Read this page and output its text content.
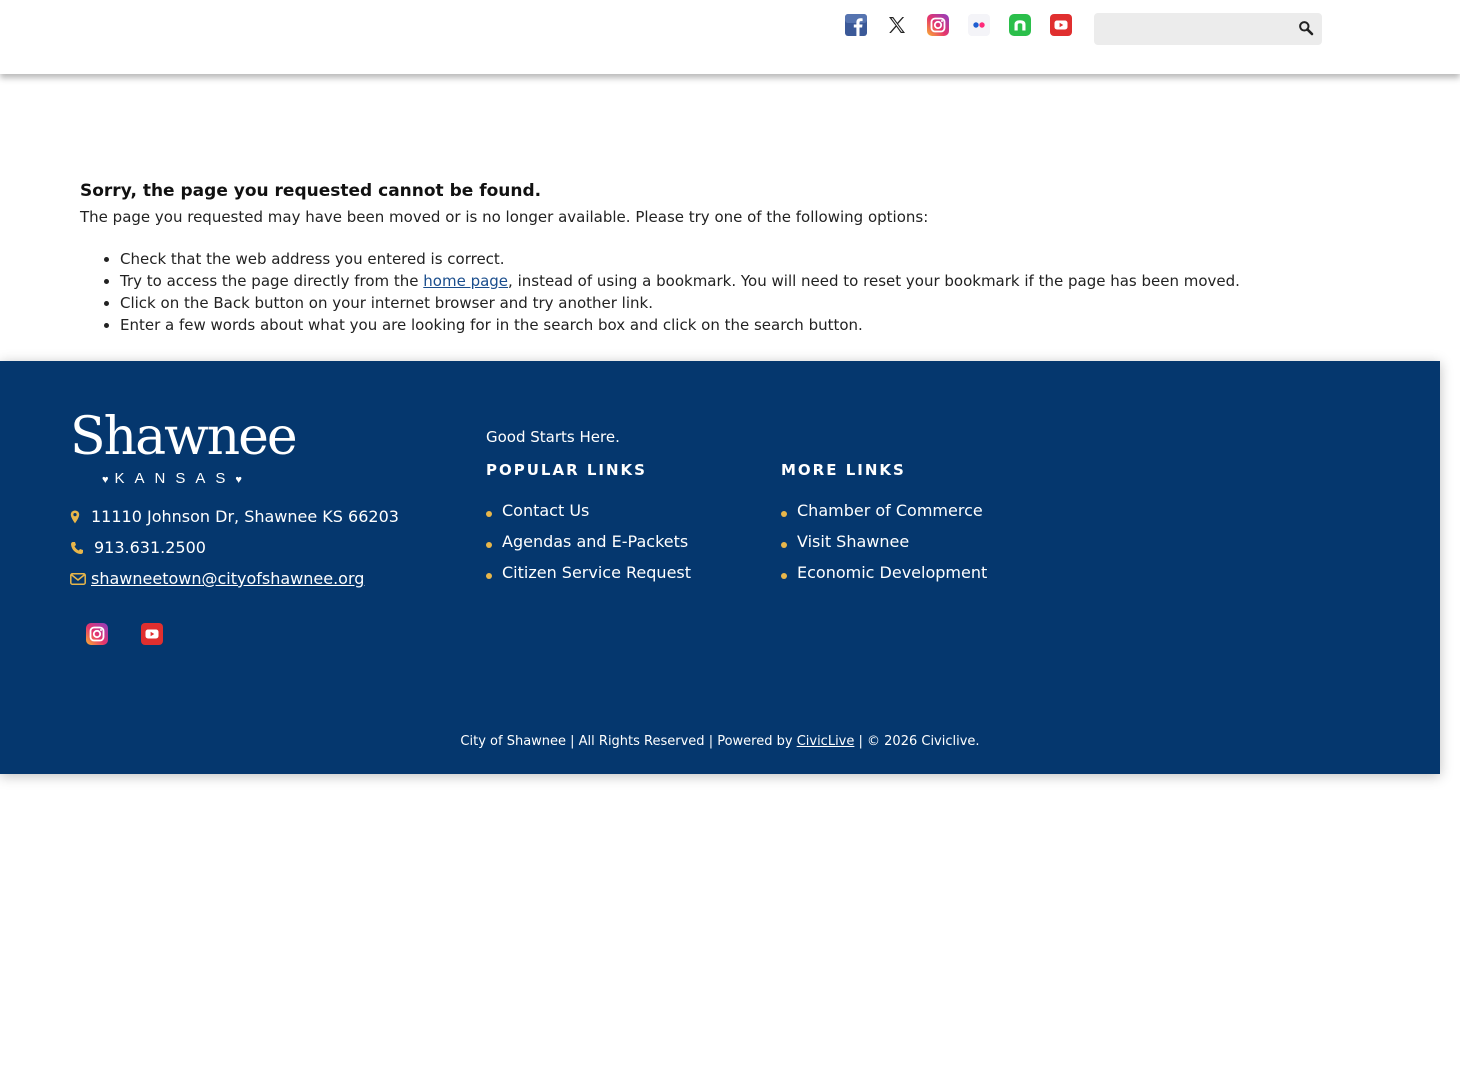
Sorry, the page you requested cannot be found.

The page you requested may have been moved or is no longer available. Please try one of the following options:

• Check that the web address you entered is correct.
• Try to access the page directly from the home page, instead of using a bookmark. You will need to reset your bookmark if the page has been moved.
• Click on the Back button on your internet browser and try another link.
• Enter a few words about what you are looking for in the search box and click on the search button.
Shawnee
♥ KANSAS♥
11110 Johnson Dr, Shawnee KS 66203
913.631.2500
shawneetown@cityofshawnee.org
Good Starts Here.
POPULAR LINKS
Contact Us
Agendas and E-Packets
Citizen Service Request
MORE LINKS
Chamber of Commerce
Visit Shawnee
Economic Development
City of Shawnee | All Rights Reserved | Powered by CivicLive | © 2026 Civiclive.
